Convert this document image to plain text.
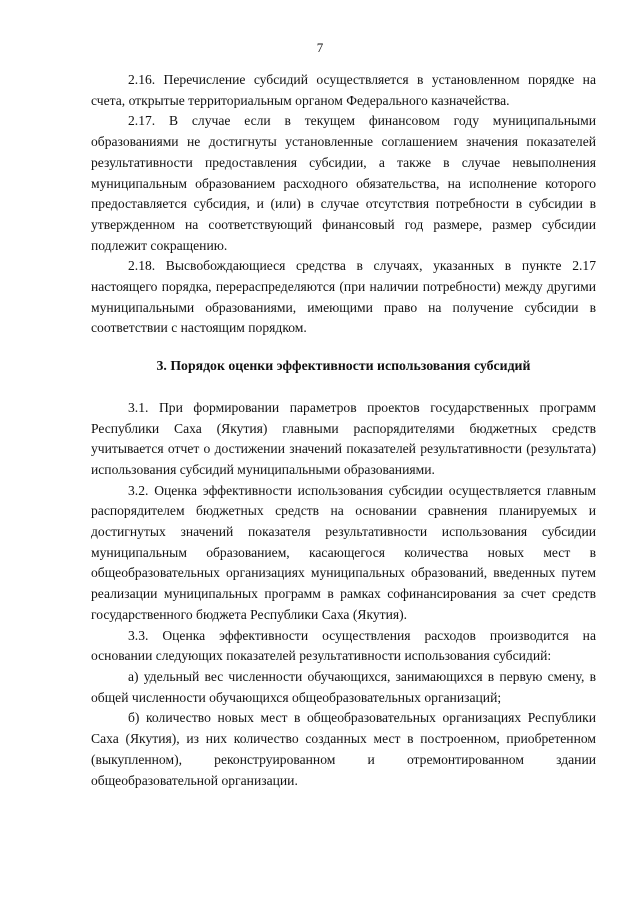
7

2.16. Перечисление субсидий осуществляется в установленном порядке на счета, открытые территориальным органом Федерального казначейства.

2.17. В случае если в текущем финансовом году муниципальными образованиями не достигнуты установленные соглашением значения показателей результативности предоставления субсидии, а также в случае невыполнения муниципальным образованием расходного обязательства, на исполнение которого предоставляется субсидия, и (или) в случае отсутствия потребности в субсидии в утвержденном на соответствующий финансовый год размере, размер субсидии подлежит сокращению.

2.18. Высвобождающиеся средства в случаях, указанных в пункте 2.17 настоящего порядка, перераспределяются (при наличии потребности) между другими муниципальными образованиями, имеющими право на получение субсидии в соответствии с настоящим порядком.

3. Порядок оценки эффективности использования субсидий

3.1. При формировании параметров проектов государственных программ Республики Саха (Якутия) главными распорядителями бюджетных средств учитывается отчет о достижении значений показателей результативности (результата) использования субсидий муниципальными образованиями.

3.2. Оценка эффективности использования субсидии осуществляется главным распорядителем бюджетных средств на основании сравнения планируемых и достигнутых значений показателя результативности использования субсидии муниципальным образованием, касающегося количества новых мест в общеобразовательных организациях муниципальных образований, введенных путем реализации муниципальных программ в рамках софинансирования за счет средств государственного бюджета Республики Саха (Якутия).

3.3. Оценка эффективности осуществления расходов производится на основании следующих показателей результативности использования субсидий:

а) удельный вес численности обучающихся, занимающихся в первую смену, в общей численности обучающихся общеобразовательных организаций;

б) количество новых мест в общеобразовательных организациях Республики Саха (Якутия), из них количество созданных мест в построенном, приобретенном (выкупленном), реконструированном и отремонтированном здании общеобразовательной организации.
